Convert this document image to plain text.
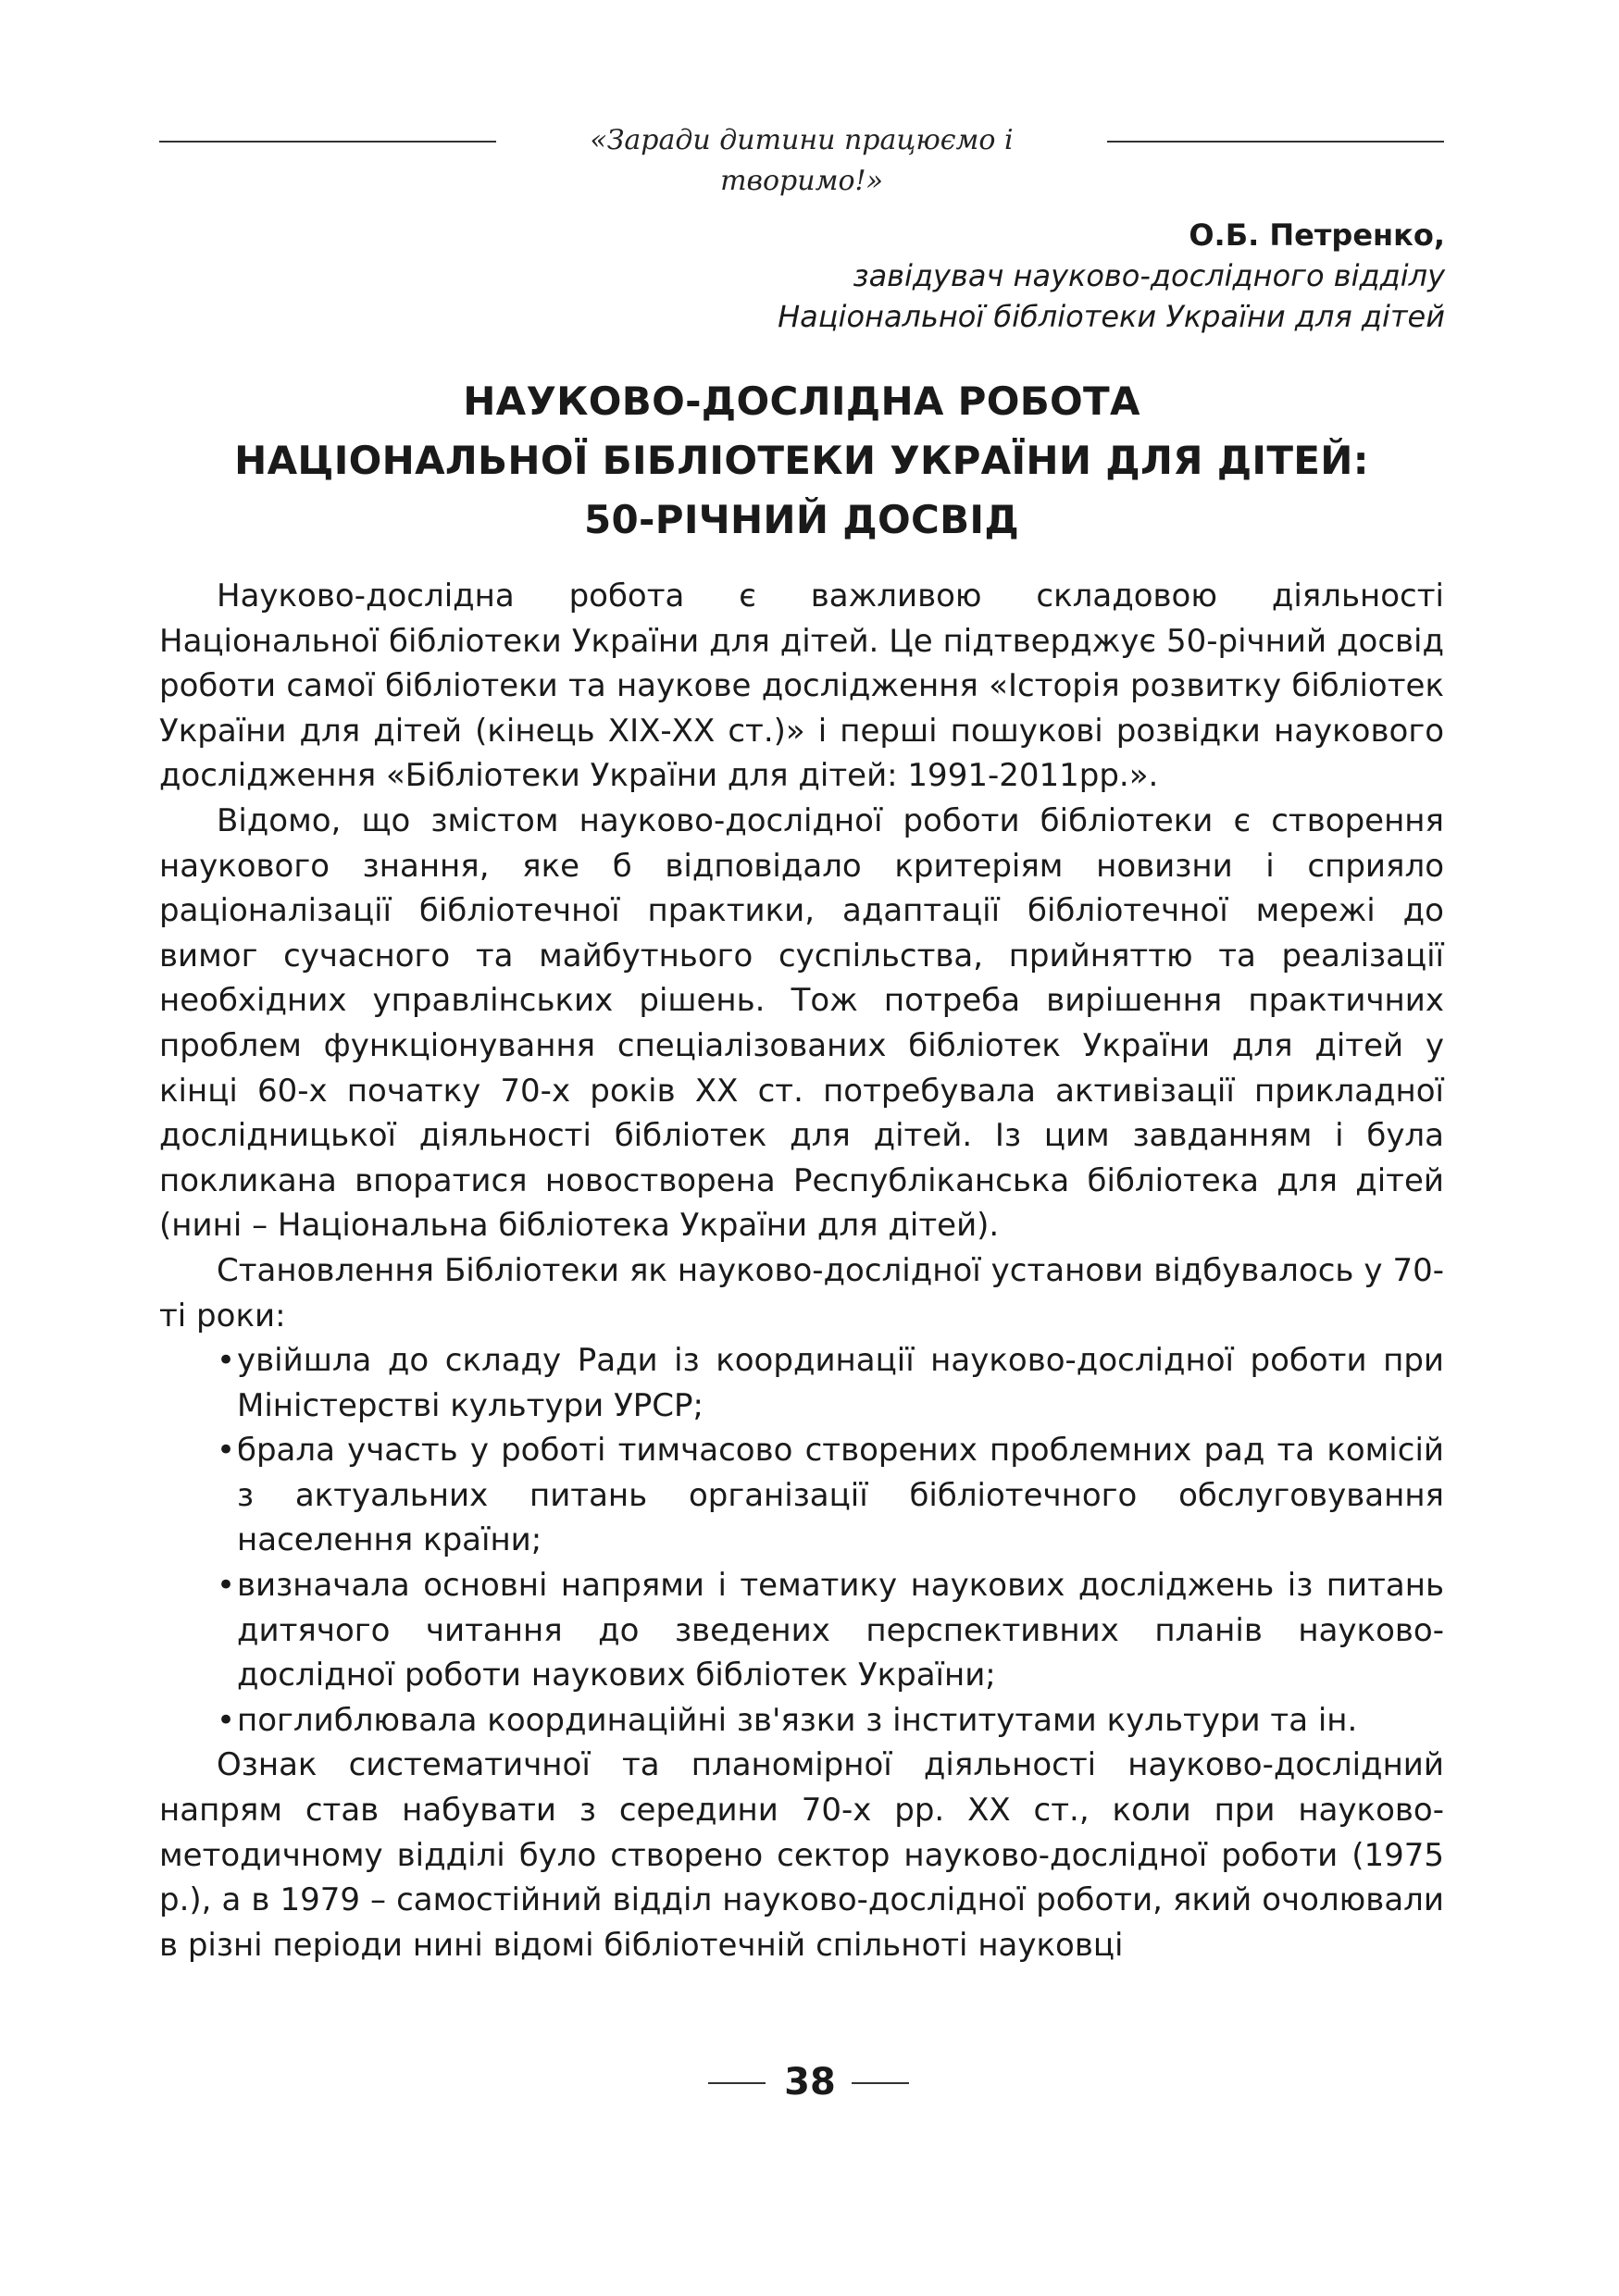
«Заради дитини працюємо і творимо!»
О.Б. Петренко,
завідувач науково-дослідного відділу
Національної бібліотеки України для дітей
НАУКОВО-ДОСЛІДНА РОБОТА
НАЦІОНАЛЬНОЇ БІБЛІОТЕКИ УКРАЇНИ ДЛЯ ДІТЕЙ:
50-РІЧНИЙ ДОСВІД

Науково-дослідна робота є важливою складовою діяльності Національної бібліотеки України для дітей. Це підтверджує 50-річний досвід роботи самої бібліотеки та наукове дослідження «Історія розвитку бібліотек України для дітей (кінець ХІХ-ХХ ст.)» і перші пошукові розвідки наукового дослідження «Бібліотеки України для дітей: 1991-2011рр.».

Відомо, що змістом науково-дослідної роботи бібліотеки є створення наукового знання, яке б відповідало критеріям новизни і сприяло раціоналізації бібліотечної практики, адаптації бібліотечної мережі до вимог сучасного та майбутнього суспільства, прийняттю та реалізації необхідних управлінських рішень. Тож потреба вирішення практичних проблем функціонування спеціалізованих бібліотек України для дітей у кінці 60-х початку 70-х років ХХ ст. потребувала активізації прикладної дослідницької діяльності бібліотек для дітей. Із цим завданням і була покликана впоратися новостворена Республіканська бібліотека для дітей (нині – Національна бібліотека України для дітей).

Становлення Бібліотеки як науково-дослідної установи відбувалось у 70-ті роки:

• увійшла до складу Ради із координації науково-дослідної роботи при Міністерстві культури УРСР;
• брала участь у роботі тимчасово створених проблемних рад та комісій з актуальних питань організації бібліотечного обслуговування населення країни;
• визначала основні напрями і тематику наукових досліджень із питань дитячого читання до зведених перспективних планів науково-дослідної роботи наукових бібліотек України;
• поглиблювала координаційні зв'язки з інститутами культури та ін.

Ознак систематичної та планомірної діяльності науково-дослідний напрям став набувати з середини 70-х рр. ХХ ст., коли при науково-методичному відділі було створено сектор науково-дослідної роботи (1975 р.), а в 1979 – самостійний відділ науково-дослідної роботи, який очолювали в різні періоди нині відомі бібліотечній спільноті науковці

38
